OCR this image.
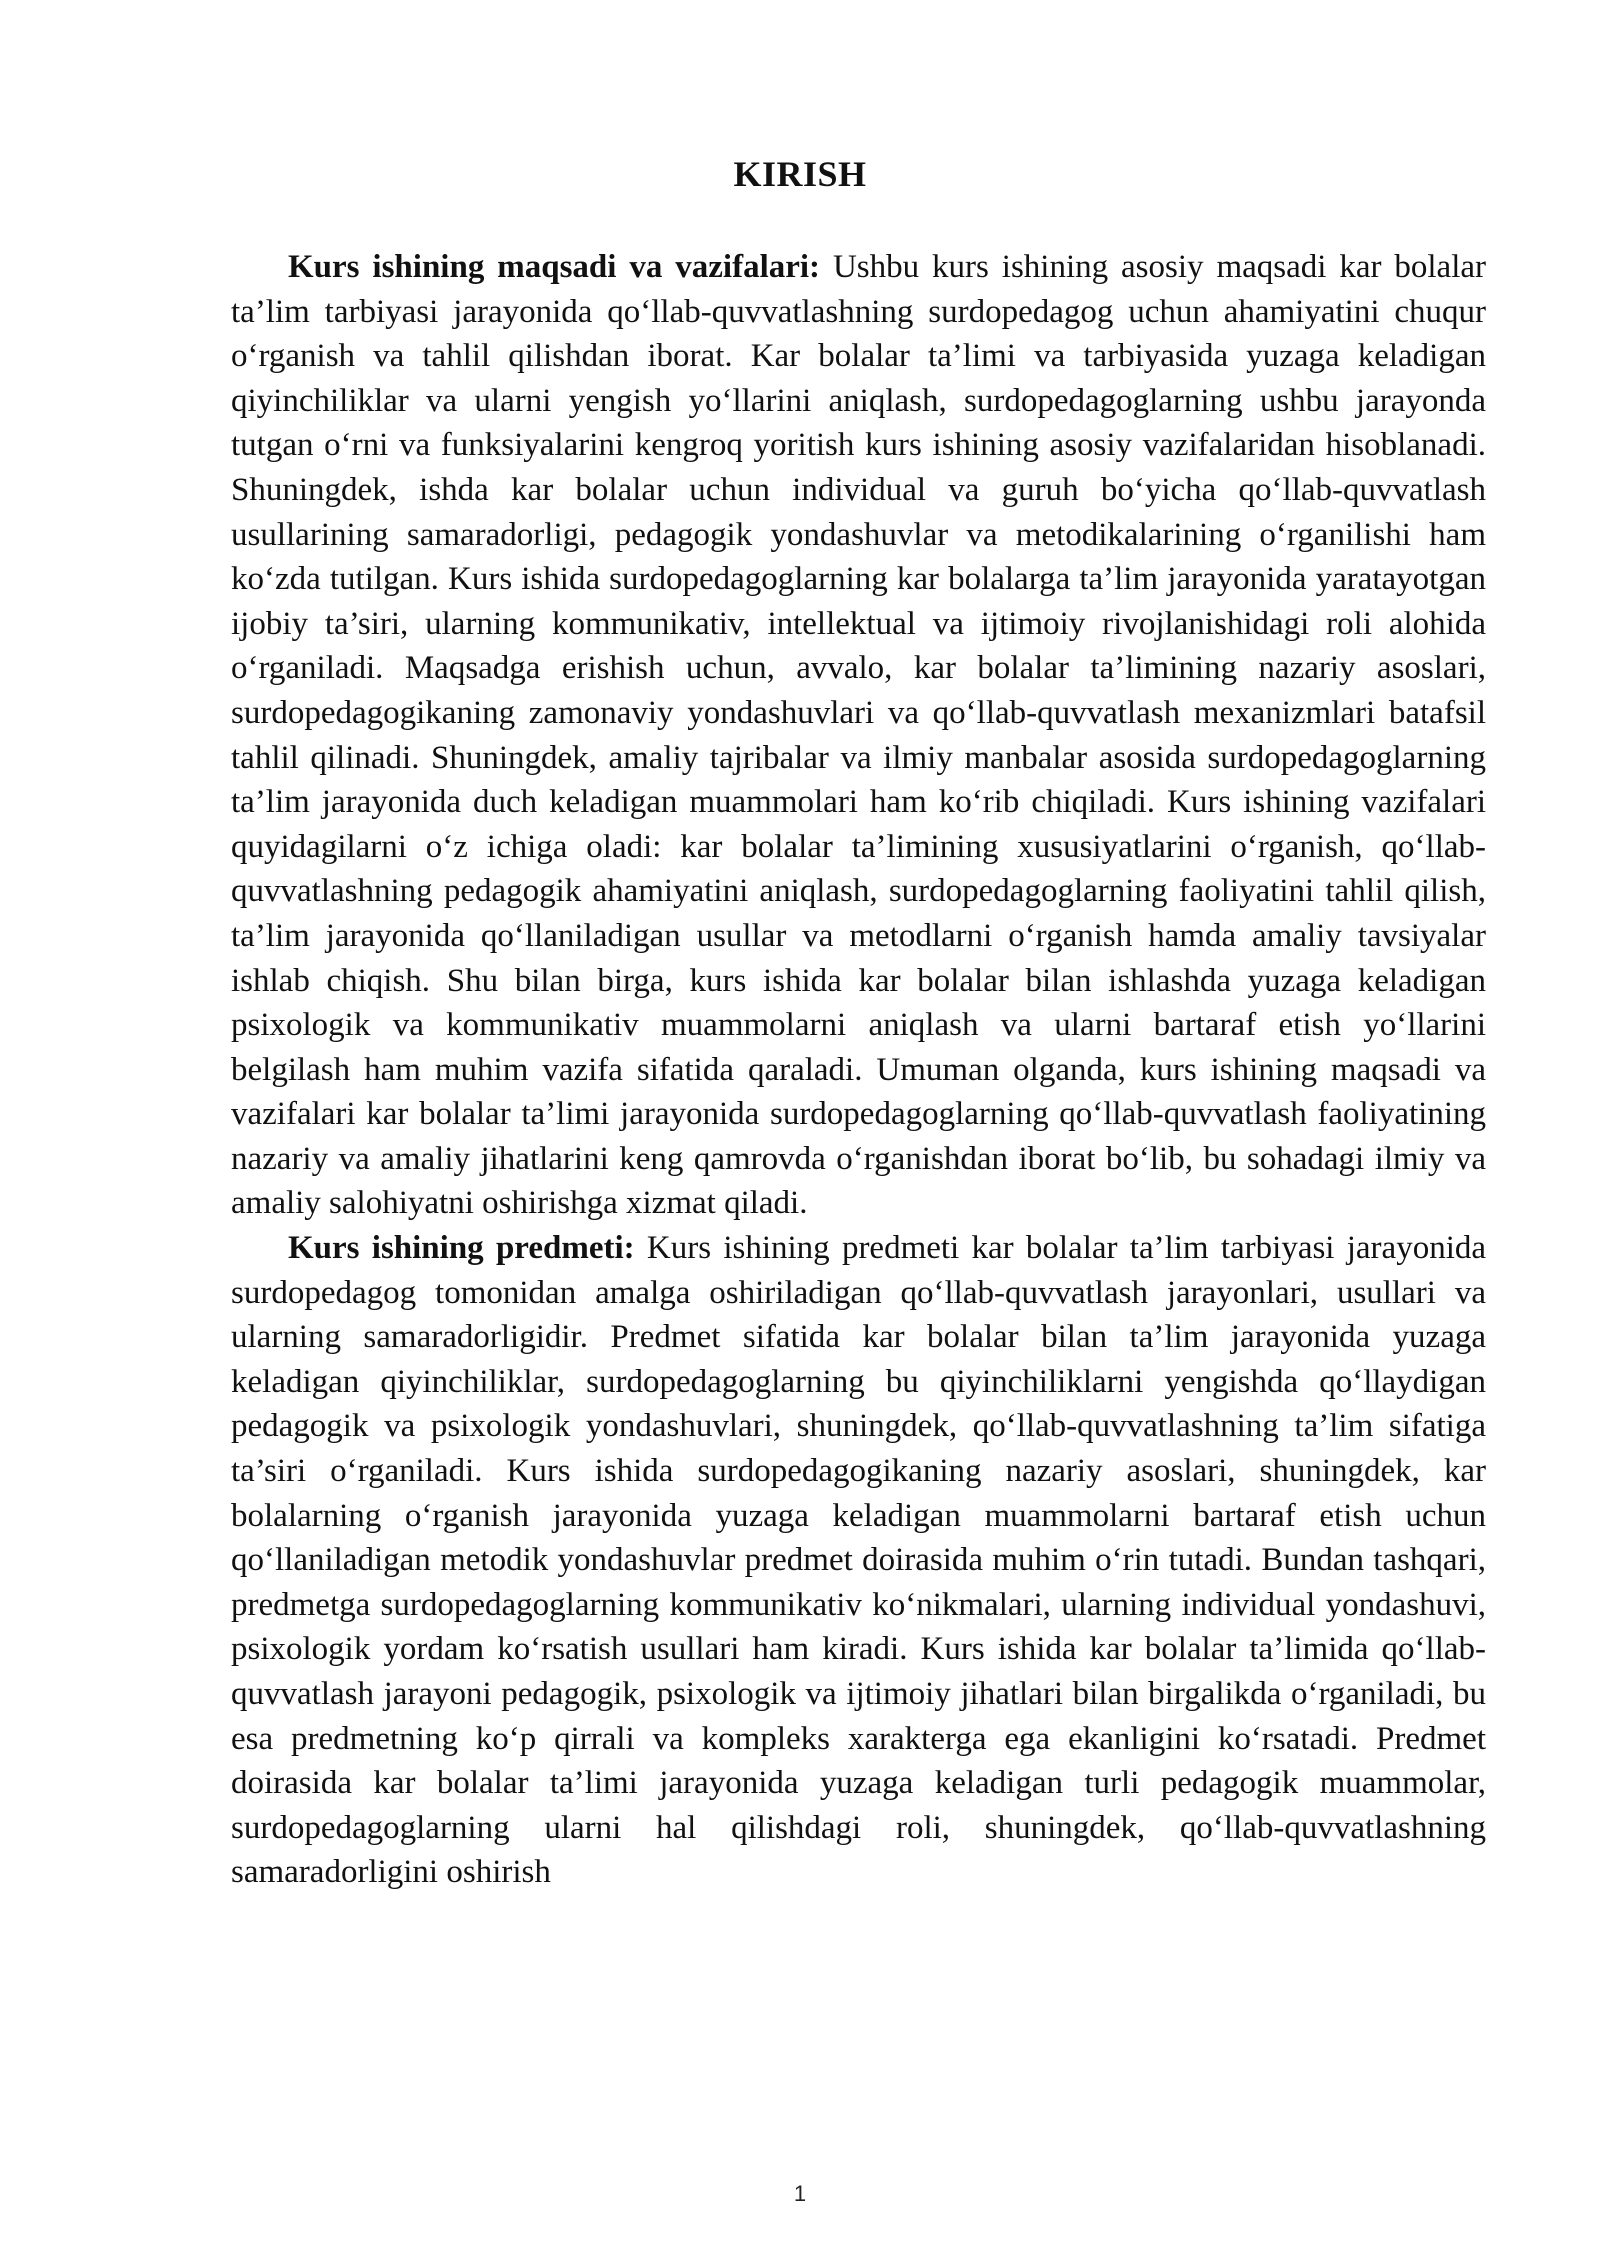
KIRISH

Kurs ishining maqsadi va vazifalari: Ushbu kurs ishining asosiy maqsadi kar bolalar ta’lim tarbiyasi jarayonida qo‘llab-quvvatlashning surdopedagog uchun ahamiyatini chuqur o‘rganish va tahlil qilishdan iborat. Kar bolalar ta’limi va tarbiyasida yuzaga keladigan qiyinchiliklar va ularni yengish yo‘llarini aniqlash, surdopedagoglarning ushbu jarayonda tutgan o‘rni va funksiyalarini kengroq yoritish kurs ishining asosiy vazifalaridan hisoblanadi. Shuningdek, ishda kar bolalar uchun individual va guruh bo‘yicha qo‘llab-quvvatlash usullarining samaradorligi, pedagogik yondashuvlar va metodikalarining o‘rganilishi ham ko‘zda tutilgan. Kurs ishida surdopedagoglarning kar bolalarga ta’lim jarayonida yaratayotgan ijobiy ta’siri, ularning kommunikativ, intellektual va ijtimoiy rivojlanishidagi roli alohida o‘rganiladi. Maqsadga erishish uchun, avvalo, kar bolalar ta’limining nazariy asoslari, surdopedagogikaning zamonaviy yondashuvlari va qo‘llab-quvvatlash mexanizmlari batafsil tahlil qilinadi. Shuningdek, amaliy tajribalar va ilmiy manbalar asosida surdopedagoglarning ta’lim jarayonida duch keladigan muammolari ham ko‘rib chiqiladi. Kurs ishining vazifalari quyidagilarni o‘z ichiga oladi: kar bolalar ta’limining xususiyatlarini o‘rganish, qo‘llab-quvvatlashning pedagogik ahamiyatini aniqlash, surdopedagoglarning faoliyatini tahlil qilish, ta’lim jarayonida qo‘llaniladigan usullar va metodlarni o‘rganish hamda amaliy tavsiyalar ishlab chiqish. Shu bilan birga, kurs ishida kar bolalar bilan ishlashda yuzaga keladigan psixologik va kommunikativ muammolarni aniqlash va ularni bartaraf etish yo‘llarini belgilash ham muhim vazifa sifatida qaraladi. Umuman olganda, kurs ishining maqsadi va vazifalari kar bolalar ta’limi jarayonida surdopedagoglarning qo‘llab-quvvatlash faoliyatining nazariy va amaliy jihatlarini keng qamrovda o‘rganishdan iborat bo‘lib, bu sohadagi ilmiy va amaliy salohiyatni oshirishga xizmat qiladi.

Kurs ishining predmeti: Kurs ishining predmeti kar bolalar ta’lim tarbiyasi jarayonida surdopedagog tomonidan amalga oshiriladigan qo‘llab-quvvatlash jarayonlari, usullari va ularning samaradorligidir. Predmet sifatida kar bolalar bilan ta’lim jarayonida yuzaga keladigan qiyinchiliklar, surdopedagoglarning bu qiyinchiliklarni yengishda qo‘llaydigan pedagogik va psixologik yondashuvlari, shuningdek, qo‘llab-quvvatlashning ta’lim sifatiga ta’siri o‘rganiladi. Kurs ishida surdopedagogikaning nazariy asoslari, shuningdek, kar bolalarning o‘rganish jarayonida yuzaga keladigan muammolarni bartaraf etish uchun qo‘llaniladigan metodik yondashuvlar predmet doirasida muhim o‘rin tutadi. Bundan tashqari, predmetga surdopedagoglarning kommunikativ ko‘nikmalari, ularning individual yondashuvi, psixologik yordam ko‘rsatish usullari ham kiradi. Kurs ishida kar bolalar ta’limida qo‘llab-quvvatlash jarayoni pedagogik, psixologik va ijtimoiy jihatlari bilan birgalikda o‘rganiladi, bu esa predmetning ko‘p qirrali va kompleks xarakterga ega ekanligini ko‘rsatadi. Predmet doirasida kar bolalar ta’limi jarayonida yuzaga keladigan turli pedagogik muammolar, surdopedagoglarning ularni hal qilishdagi roli, shuningdek, qo‘llab-quvvatlashning samaradorligini oshirish

1
